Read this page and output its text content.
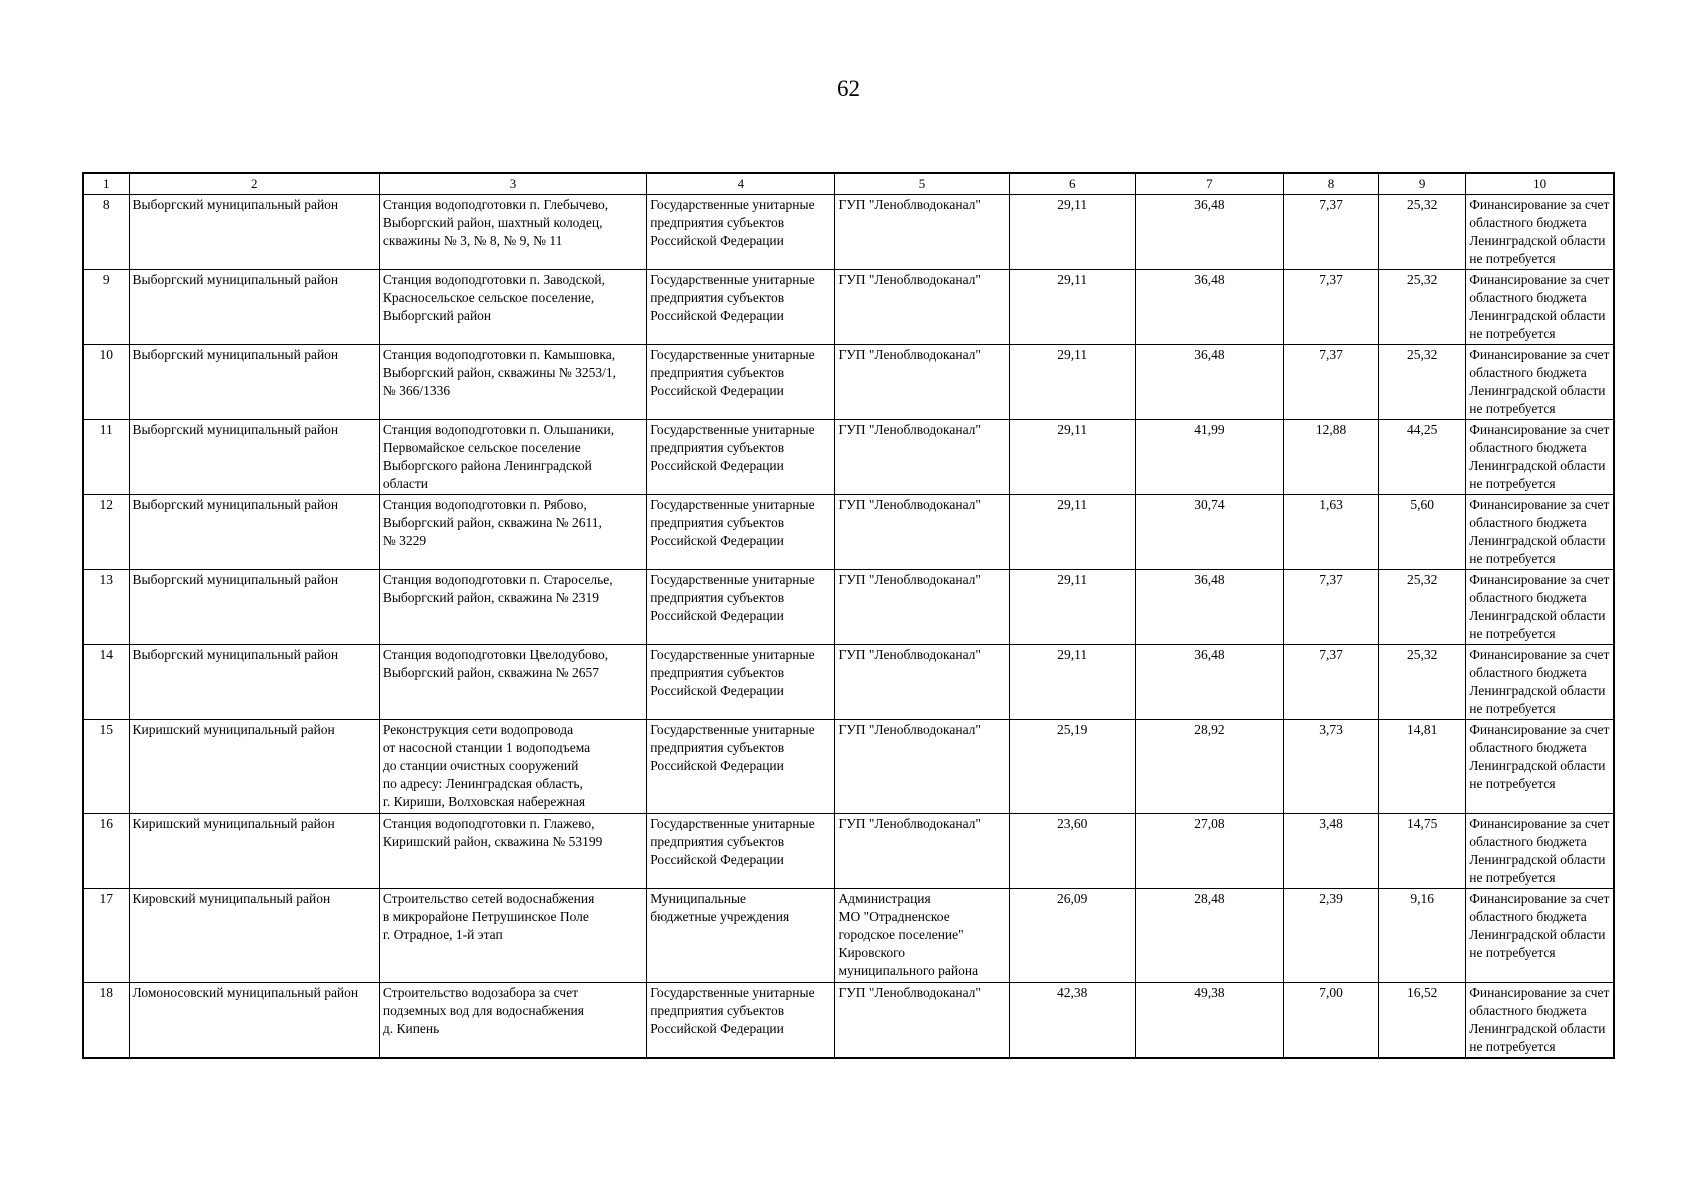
62
1	2	3	4	5	6	7	8	9	10
8	Выборгский муниципальный район	Станция водоподготовки п. Глебычево,
Выборгский район, шахтный колодец,
скважины № 3, № 8, № 9, № 11	Государственные унитарные
предприятия субъектов
Российской Федерации	ГУП "Леноблводоканал"	29,11	36,48	7,37	25,32	Финансирование за счет
областного бюджета
Ленинградской области
не потребуется
9	Выборгский муниципальный район	Станция водоподготовки п. Заводской,
Красносельское сельское поселение,
Выборгский район	Государственные унитарные
предприятия субъектов
Российской Федерации	ГУП "Леноблводоканал"	29,11	36,48	7,37	25,32	Финансирование за счет
областного бюджета
Ленинградской области
не потребуется
10	Выборгский муниципальный район	Станция водоподготовки п. Камышовка,
Выборгский район, скважины № 3253/1,
№ 366/1336	Государственные унитарные
предприятия субъектов
Российской Федерации	ГУП "Леноблводоканал"	29,11	36,48	7,37	25,32	Финансирование за счет
областного бюджета
Ленинградской области
не потребуется
11	Выборгский муниципальный район	Станция водоподготовки п. Ольшаники,
Первомайское сельское поселение
Выборгского района Ленинградской
области	Государственные унитарные
предприятия субъектов
Российской Федерации	ГУП "Леноблводоканал"	29,11	41,99	12,88	44,25	Финансирование за счет
областного бюджета
Ленинградской области
не потребуется
12	Выборгский муниципальный район	Станция водоподготовки п. Рябово,
Выборгский район, скважина № 2611,
№ 3229	Государственные унитарные
предприятия субъектов
Российской Федерации	ГУП "Леноблводоканал"	29,11	30,74	1,63	5,60	Финансирование за счет
областного бюджета
Ленинградской области
не потребуется
13	Выборгский муниципальный район	Станция водоподготовки п. Староселье,
Выборгский район, скважина № 2319	Государственные унитарные
предприятия субъектов
Российской Федерации	ГУП "Леноблводоканал"	29,11	36,48	7,37	25,32	Финансирование за счет
областного бюджета
Ленинградской области
не потребуется
14	Выборгский муниципальный район	Станция водоподготовки Цвелодубово,
Выборгский район, скважина № 2657	Государственные унитарные
предприятия субъектов
Российской Федерации	ГУП "Леноблводоканал"	29,11	36,48	7,37	25,32	Финансирование за счет
областного бюджета
Ленинградской области
не потребуется
15	Киришский муниципальный район	Реконструкция сети водопровода
от насосной станции 1 водоподъема
до станции очистных сооружений
по адресу: Ленинградская область,
г. Кириши, Волховская набережная	Государственные унитарные
предприятия субъектов
Российской Федерации	ГУП "Леноблводоканал"	25,19	28,92	3,73	14,81	Финансирование за счет
областного бюджета
Ленинградской области
не потребуется
16	Киришский муниципальный район	Станция водоподготовки п. Глажево,
Киришский район, скважина № 53199	Государственные унитарные
предприятия субъектов
Российской Федерации	ГУП "Леноблводоканал"	23,60	27,08	3,48	14,75	Финансирование за счет
областного бюджета
Ленинградской области
не потребуется
17	Кировский муниципальный район	Строительство сетей водоснабжения
в микрорайоне Петрушинское Поле
г. Отрадное, 1-й этап	Муниципальные
бюджетные учреждения	Администрация
МО "Отрадненское
городское поселение"
Кировского
муниципального района	26,09	28,48	2,39	9,16	Финансирование за счет
областного бюджета
Ленинградской области
не потребуется
18	Ломоносовский муниципальный район	Строительство водозабора за счет
подземных вод для водоснабжения
д. Кипень	Государственные унитарные
предприятия субъектов
Российской Федерации	ГУП "Леноблводоканал"	42,38	49,38	7,00	16,52	Финансирование за счет
областного бюджета
Ленинградской области
не потребуется
